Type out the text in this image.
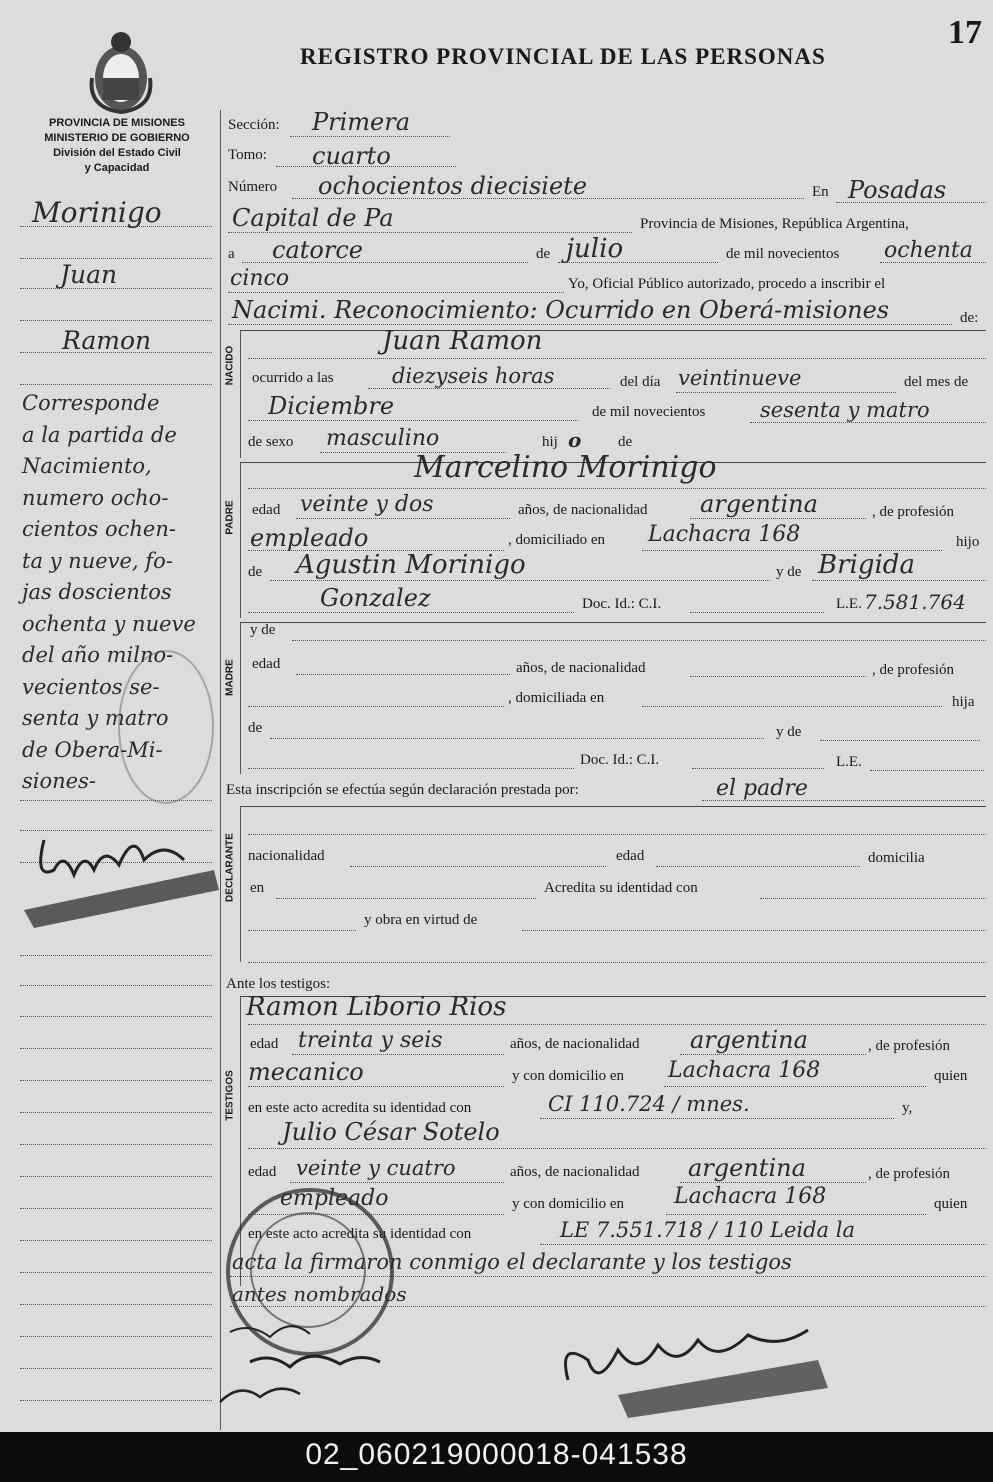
REGISTRO PROVINCIAL DE LAS PERSONAS
17
PROVINCIA DE MISIONES
MINISTERIO DE GOBIERNO
División del Estado Civil
y Capacidad
Morinigo
Juan
Ramon
Corresponde
a la partida de
Nacimiento,
numero ocho-
cientos ochen-
ta y nueve, fo-
jas doscientos
ochenta y nueve
del año milno-
vecientos se-
senta y matro
de Obera-Mi-
siones-
Sección: Primera
Tomo: cuarto
Número ochocientos diecisiete	En Posadas
Capital de Pa	Provincia de Misiones, República Argentina,
a catorce	de julio	de mil novecientos ochenta
cinco	Yo, Oficial Público autorizado, procedo a inscribir el
Nacimi. Reconocimiento: Ocurrido en Oberá-misiones	de:
NACIDO
Juan Ramon
ocurrido a las	diezyseis horas	del día veintinueve	del mes de
Diciembre	de mil novecientos	sesenta y matro
de sexo masculino	hij o de
PADRE
Marcelino Morinigo
edad veinte y dos	años, de nacionalidad argentina	, de profesión
empleado	, domiciliado en Lachacra 168	hijo
de Agustin Morinigo	y de Brigida
Gonzalez	Doc. Id.: C.I.	L.E. 7.581.764
MADRE
y de
edad	años, de nacionalidad	, de profesión
, domiciliada en	hija
de	y de
Doc. Id.: C.I.	L.E.
Esta inscripción se efectúa según declaración prestada por:	el padre
DECLARANTE nacionalidad	edad	domicilia
en	Acredita su identidad con
y obra en virtud de
Ante los testigos:
TESTIGOS
Ramon Liborio Rios
edad treinta y seis	años, de nacionalidad argentina	, de profesión
mecanico	y con domicilio en Lachacra 168	quien
en este acto acredita su identidad con	CI 110.724 / mnes.	y,
Julio César Sotelo
edad veinte y cuatro	años, de nacionalidad argentina	, de profesión
empleado	y con domicilio en Lachacra 168	quien
en este acto acredita su identidad con	LE 7.551.718 / 110 Leida la
acta la firmaron conmigo el declarante y los testigos
antes nombrados
02_060219000018-041538
